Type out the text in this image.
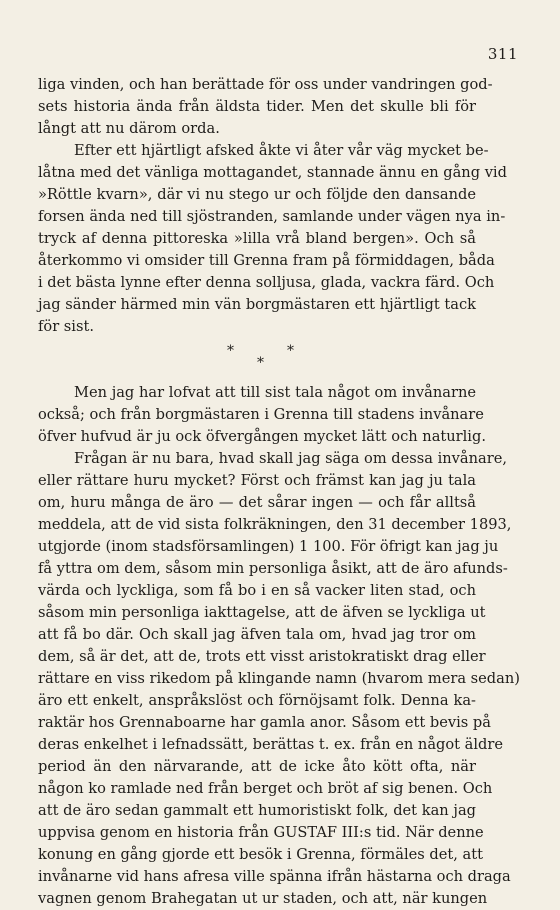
311
liga vinden, och han berättade för oss under vandringen god-
sets historia ända från äldsta tider. Men det skulle bli för
långt att nu därom orda.
Efter ett hjärtligt afsked åkte vi åter vår väg mycket be-
låtna med det vänliga mottagandet, stannade ännu en gång vid
»Röttle kvarn», där vi nu stego ur och följde den dansande
forsen ända ned till sjöstranden, samlande under vägen nya in-
tryck af denna pittoreska »lilla vrå bland bergen». Och så
återkommo vi omsider till Grenna fram på förmiddagen, båda
i det bästa lynne efter denna solljusa, glada, vackra färd. Och
jag sänder härmed min vän borgmästaren ett hjärtligt tack
för sist.
*	*
*
Men jag har lofvat att till sist tala något om invånarne
också; och från borgmästaren i Grenna till stadens invånare
öfver hufvud är ju ock öfvergången mycket lätt och naturlig.
Frågan är nu bara, hvad skall jag säga om dessa invånare,
eller rättare huru mycket? Först och främst kan jag ju tala
om, huru många de äro — det sårar ingen — och får alltså
meddela, att de vid sista folkräkningen, den 31 december 1893,
utgjorde (inom stadsförsamlingen) 1 100. För öfrigt kan jag ju
få yttra om dem, såsom min personliga åsikt, att de äro afunds-
värda och lyckliga, som få bo i en så vacker liten stad, och
såsom min personliga iakttagelse, att de äfven se lyckliga ut
att få bo där. Och skall jag äfven tala om, hvad jag tror om
dem, så är det, att de, trots ett visst aristokratiskt drag eller
rättare en viss rikedom på klingande namn (hvarom mera sedan)
äro ett enkelt, anspråkslöst och förnöjsamt folk. Denna ka-
raktär hos Grennaboarne har gamla anor. Såsom ett bevis på
deras enkelhet i lefnadssätt, berättas t. ex. från en något äldre
period än den närvarande, att de icke åto kött ofta, när
någon ko ramlade ned från berget och bröt af sig benen. Och
att de äro sedan gammalt ett humoristiskt folk, det kan jag
uppvisa genom en historia från GUSTAF III:s tid. När denne
konung en gång gjorde ett besök i Grenna, förmäles det, att
invånarne vid hans afresa ville spänna ifrån hästarna och draga
vagnen genom Brahegatan ut ur staden, och att, när kungen
